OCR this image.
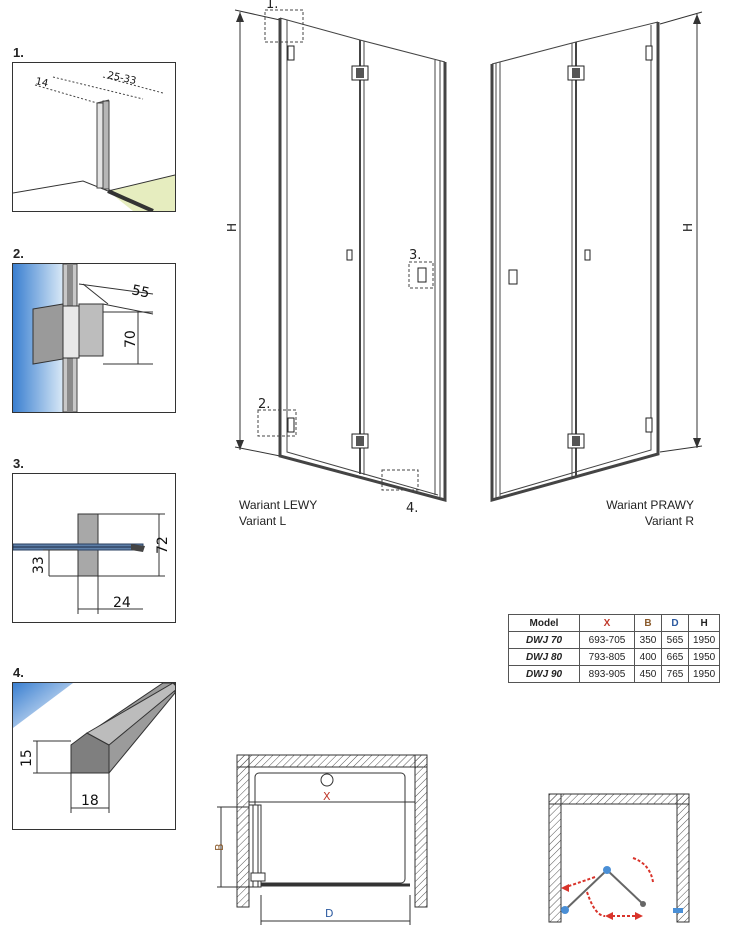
1.
14	25-33
2.
55
70
3.
72
33
24
4.
15
18
H
1.
2.
3.
4.
H
Wariant LEWY
Variant L
Wariant PRAWY
Variant R
Model	X	B	D	H
DWJ 70	693-705	350	565	1950
DWJ 80	793-805	400	665	1950
DWJ 90	893-905	450	765	1950
X
B
D
